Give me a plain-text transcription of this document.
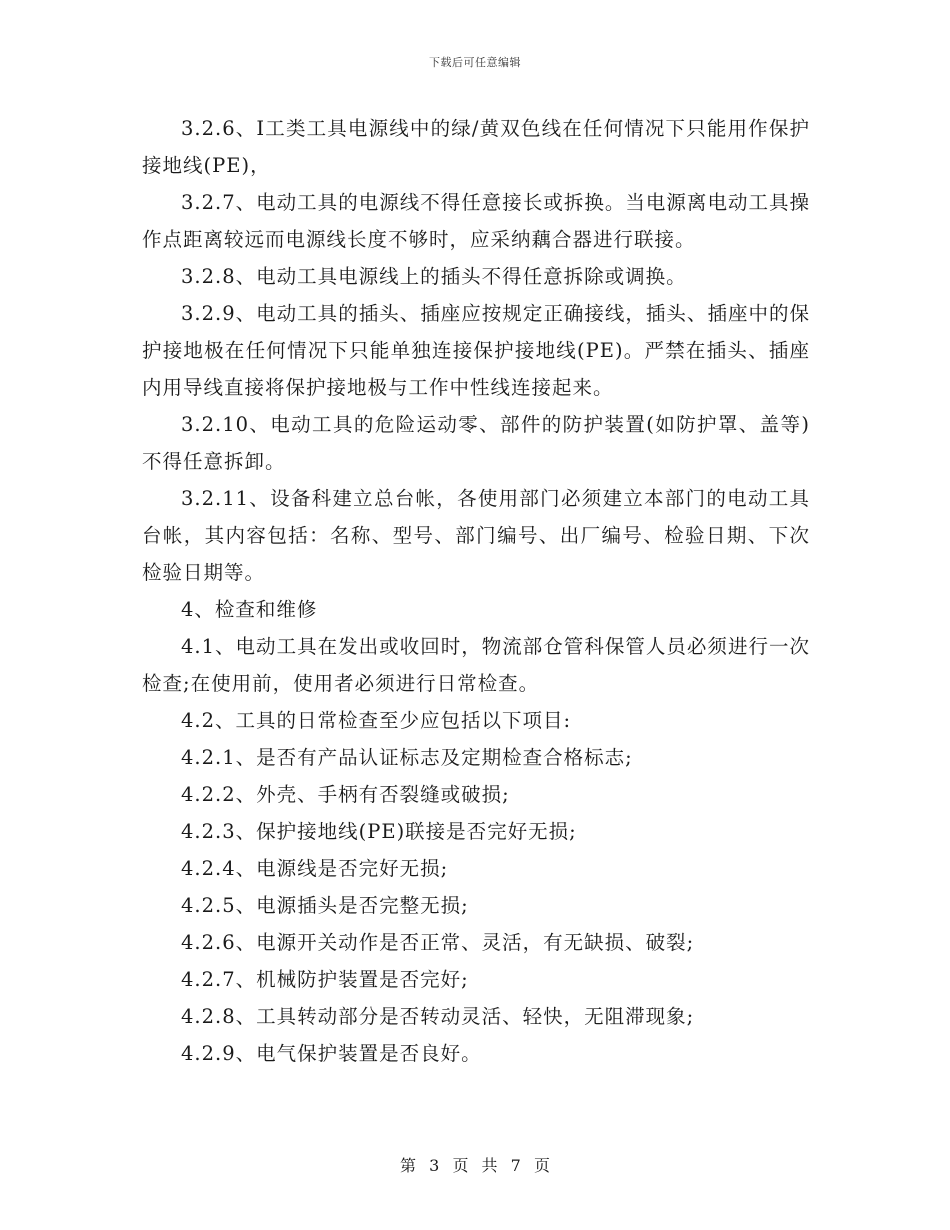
下载后可任意编辑

3.2.6、Ⅰ工类工具电源线中的绿/黄双色线在任何情况下只能用作保护接地线(PE)，

3.2.7、电动工具的电源线不得任意接长或拆换。当电源离电动工具操作点距离较远而电源线长度不够时，应采纳藕合器进行联接。

3.2.8、电动工具电源线上的插头不得任意拆除或调换。

3.2.9、电动工具的插头、插座应按规定正确接线，插头、插座中的保护接地极在任何情况下只能单独连接保护接地线(PE)。严禁在插头、插座内用导线直接将保护接地极与工作中性线连接起来。

3.2.10、电动工具的危险运动零、部件的防护装置(如防护罩、盖等)不得任意拆卸。

3.2.11、设备科建立总台帐，各使用部门必须建立本部门的电动工具台帐，其内容包括：名称、型号、部门编号、出厂编号、检验日期、下次检验日期等。

4、检查和维修

4.1、电动工具在发出或收回时，物流部仓管科保管人员必须进行一次检查;在使用前，使用者必须进行日常检查。

4.2、工具的日常检查至少应包括以下项目:

4.2.1、是否有产品认证标志及定期检查合格标志;

4.2.2、外壳、手柄有否裂缝或破损;

4.2.3、保护接地线(PE)联接是否完好无损;

4.2.4、电源线是否完好无损;

4.2.5、电源插头是否完整无损;

4.2.6、电源开关动作是否正常、灵活，有无缺损、破裂;

4.2.7、机械防护装置是否完好;

4.2.8、工具转动部分是否转动灵活、轻快，无阻滞现象;

4.2.9、电气保护装置是否良好。

第 3 页 共 7 页
